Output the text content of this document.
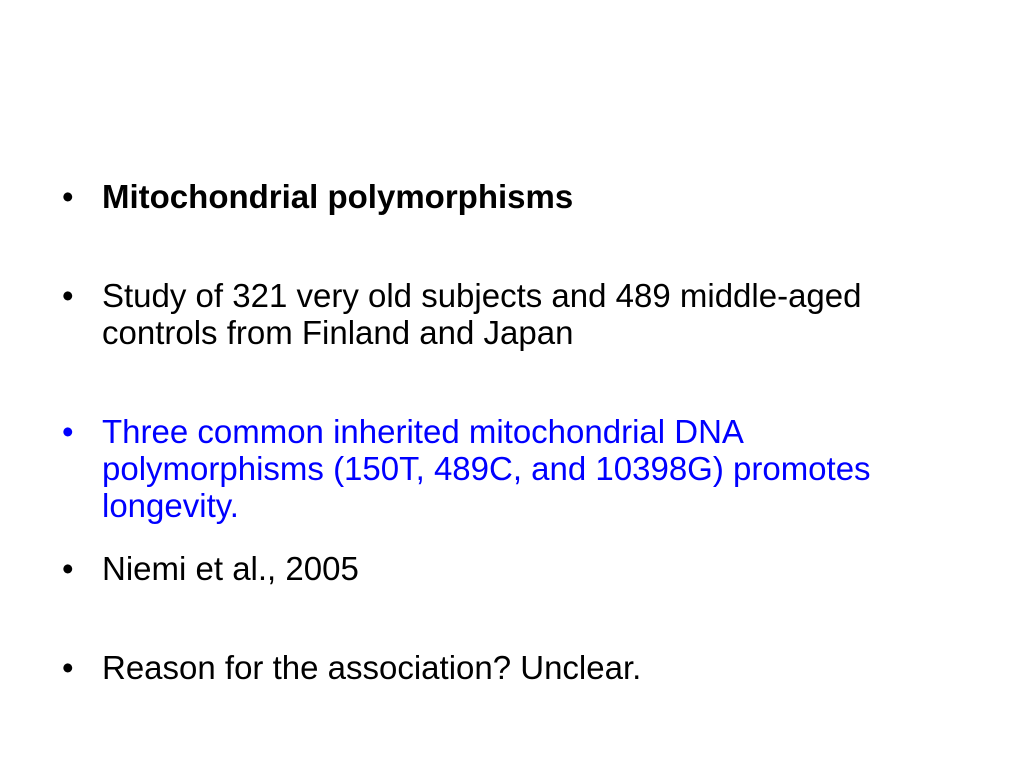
• Mitochondrial polymorphisms
• Study of 321 very old subjects and 489 middle-aged controls from Finland and Japan
• Three common inherited mitochondrial DNA polymorphisms (150T, 489C, and 10398G) promotes longevity.
• Niemi et al., 2005
• Reason for the association? Unclear.
